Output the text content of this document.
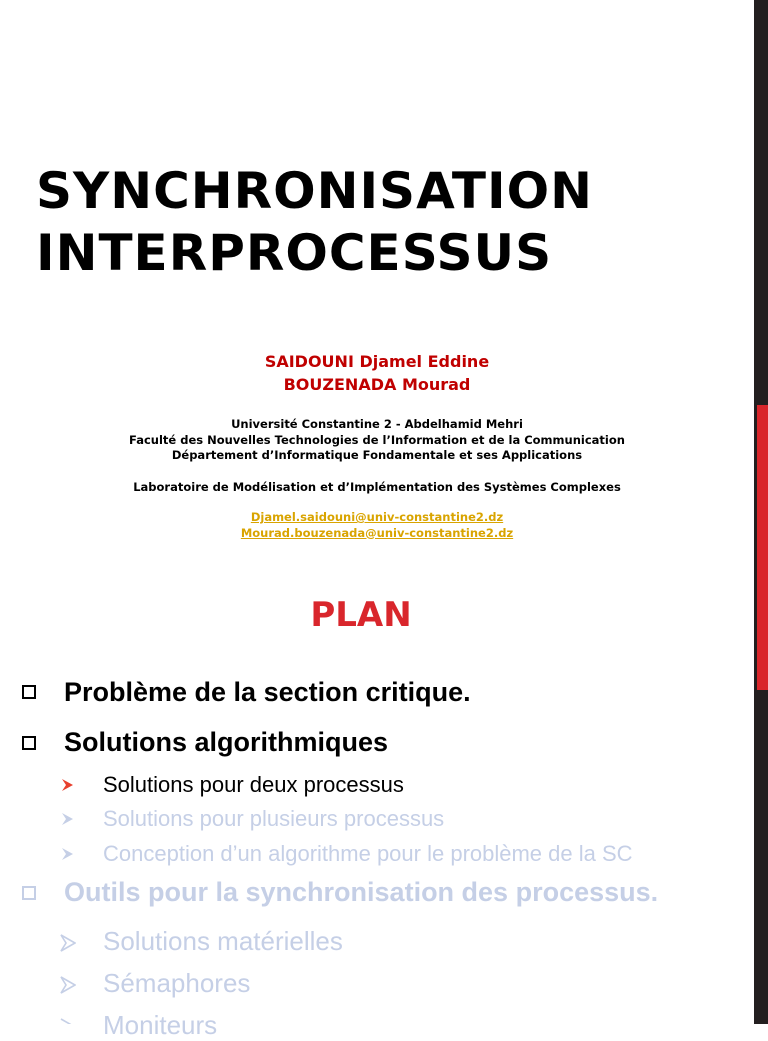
SYNCHRONISATION
INTERPROCESSUS
SAIDOUNI Djamel Eddine
BOUZENADA Mourad
Université Constantine 2 - Abdelhamid Mehri
Faculté des Nouvelles Technologies de l’Information et de la Communication
Département d’Informatique Fondamentale et ses Applications
Laboratoire de Modélisation et d’Implémentation des Systèmes Complexes
Djamel.saidouni@univ-constantine2.dz
Mourad.bouzenada@univ-constantine2.dz
PLAN
Problème de la section critique.
Solutions algorithmiques
Solutions pour deux processus
Solutions pour plusieurs processus
Conception d’un algorithme pour le problème de la SC
Outils pour la synchronisation des processus.
Solutions matérielles
Sémaphores
Moniteurs
